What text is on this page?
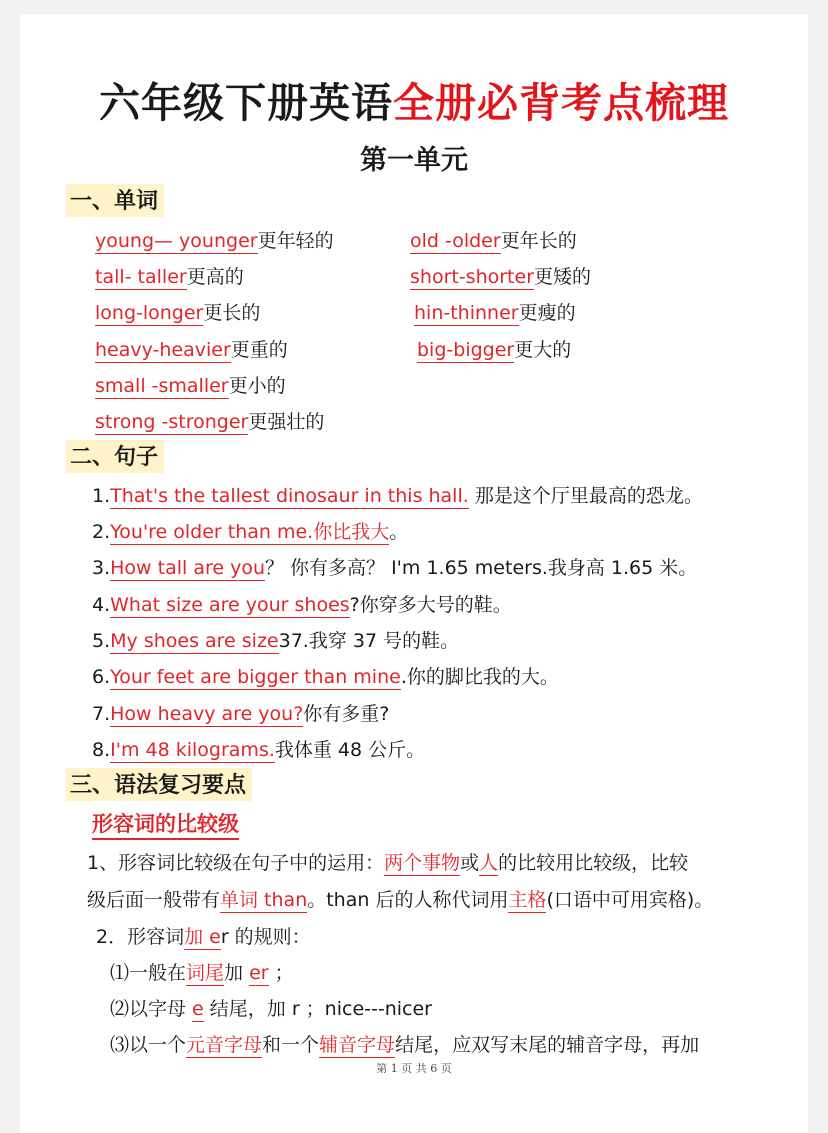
六年级下册英语全册必背考点梳理
第一单元
一、单词
young— younger更年轻的	old -older更年长的
tall- taller更高的	short-shorter更矮的
long-longer更长的	hin-thinner更瘦的
heavy-heavier更重的	big-bigger更大的
small -smaller更小的
strong -stronger更强壮的
二、句子
1.That's the tallest dinosaur in this hall. 那是这个厅里最高的恐龙。
2.You're older than me.你比我大。
3.How tall are you？ 你有多高？ I'm 1.65 meters.我身高 1.65 米。
4.What size are your shoes?你穿多大号的鞋。
5.My shoes are size37.我穿 37 号的鞋。
6.Your feet are bigger than mine.你的脚比我的大。
7.How heavy are you?你有多重?
8.I'm 48 kilograms.我体重 48 公斤。
三、语法复习要点
形容词的比较级
1、形容词比较级在句子中的运用：两个事物或人的比较用比较级，比较
级后面一般带有单词 than。than 后的人称代词用主格(口语中可用宾格)。
2．形容词加 er 的规则：
⑴一般在词尾加 er ；
⑵以字母 e 结尾，加 r ；nice---nicer
⑶以一个元音字母和一个辅音字母结尾，应双写末尾的辅音字母，再加
第 1 页 共 6 页
